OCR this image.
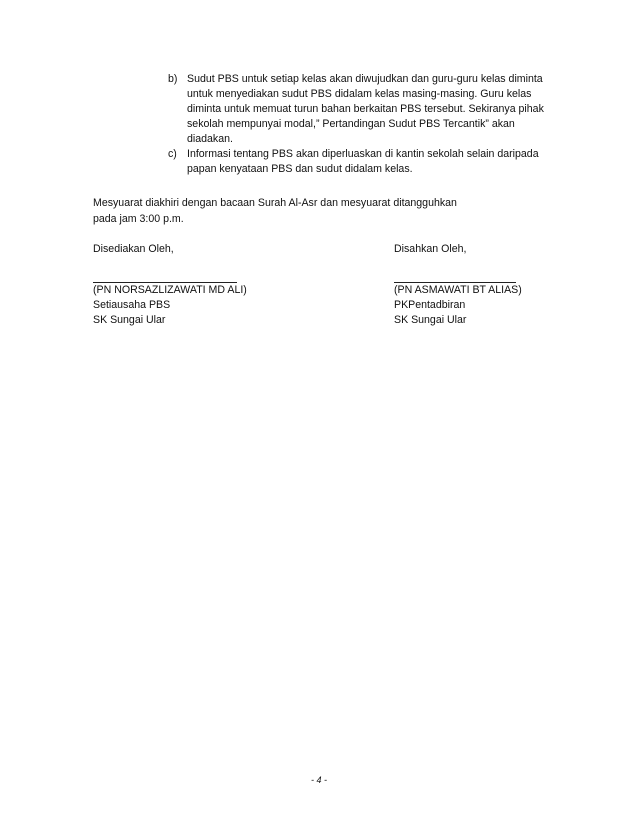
b) Sudut PBS untuk setiap kelas akan diwujudkan dan guru-guru kelas diminta untuk menyediakan sudut PBS didalam kelas masing-masing. Guru kelas diminta untuk memuat turun bahan berkaitan PBS tersebut. Sekiranya pihak sekolah mempunyai modal,” Pertandingan Sudut PBS Tercantik” akan diadakan.
c) Informasi tentang PBS akan diperluaskan di kantin sekolah selain daripada papan kenyataan PBS dan sudut didalam kelas.
Mesyuarat diakhiri dengan bacaan Surah Al-Asr dan mesyuarat ditangguhkan
pada jam 3:00 p.m.
Disediakan Oleh,
(PN NORSAZLIZAWATI MD ALI)
Setiausaha PBS
SK Sungai Ular
Disahkan Oleh,
(PN ASMAWATI BT ALIAS)
PKPentadbiran
SK Sungai Ular
- 4 -
